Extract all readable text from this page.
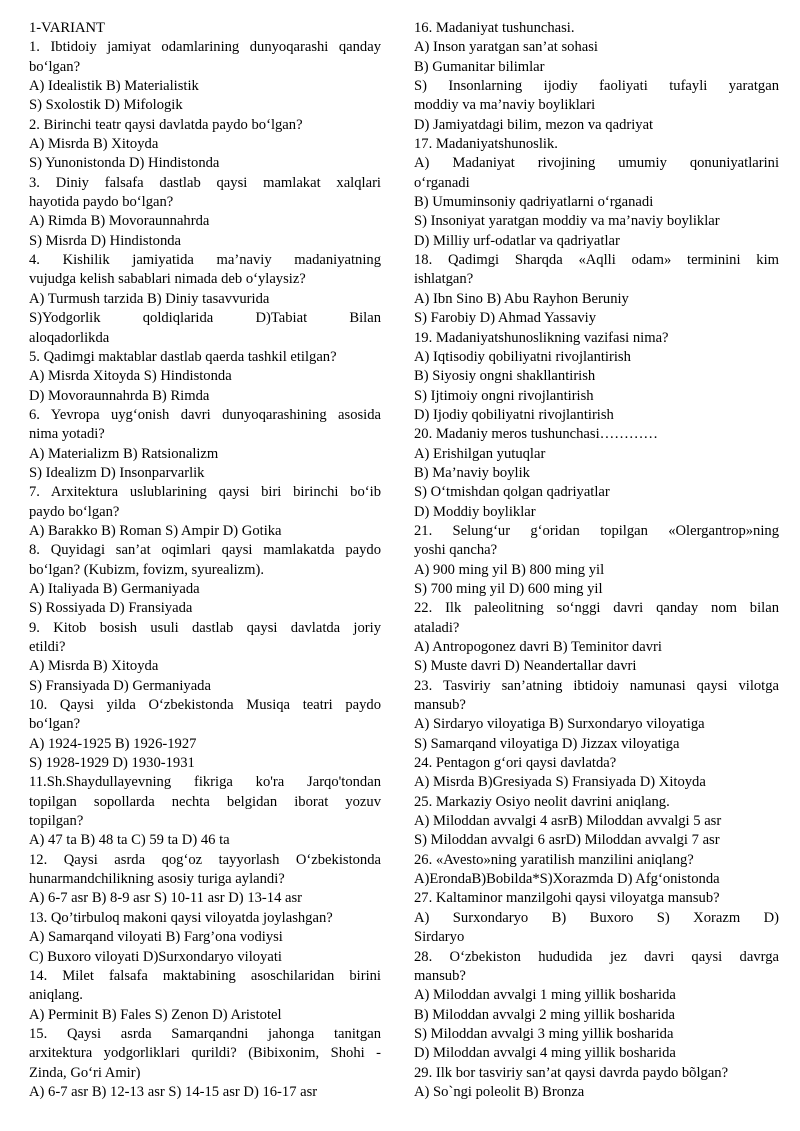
1-VARIANT
1. Ibtidoiy jamiyat odamlarining dunyoqarashi qanday
bo‘lgan?
A) Idealistik B) Materialistik
S) Sxolostik D) Mifologik
2. Birinchi teatr qaysi davlatda paydo bo‘lgan?
A) Misrda B) Xitoyda
S) Yunonistonda D) Hindistonda
3. Diniy falsafa dastlab qaysi mamlakat xalqlari
hayotida paydo bo‘lgan?
A) Rimda B) Movoraunnahrda
S) Misrda D) Hindistonda
4. Kishilik jamiyatida ma’naviy madaniyatning
vujudga kelish sabablari nimada deb o‘ylaysiz?
A) Turmush tarzida B) Diniy tasavvurida
S)Yodgorlik qoldiqlarida D)Tabiat Bilan
aloqadorlikda
5. Qadimgi maktablar dastlab qaerda tashkil etilgan?
A) Misrda Xitoyda S) Hindistonda
D) Movoraunnahrda B) Rimda
6. Yevropa uyg‘onish davri dunyoqarashining asosida
nima yotadi?
A) Materializm B) Ratsionalizm
S) Idealizm D) Insonparvarlik
7. Arxitektura uslublarining qaysi biri birinchi bo‘ib
paydo bo‘lgan?
A) Barakko B) Roman S) Ampir D) Gotika
8. Quyidagi san’at oqimlari qaysi mamlakatda paydo
bo‘lgan? (Kubizm, fovizm, syurealizm).
A) Italiyada B) Germaniyada
S) Rossiyada D) Fransiyada
9. Kitob bosish usuli dastlab qaysi davlatda joriy
etildi?
A) Misrda B) Xitoyda
S) Fransiyada D) Germaniyada
10. Qaysi yilda O‘zbekistonda Musiqa teatri paydo
bo‘lgan?
A) 1924-1925 B) 1926-1927
S) 1928-1929 D) 1930-1931
11.Sh.Shaydullayevning fikriga ko'ra Jarqo'tondan
topilgan sopollarda nechta belgidan iborat yozuv
topilgan?
A) 47 ta B) 48 ta C) 59 ta D) 46 ta
12. Qaysi asrda qog‘oz tayyorlash O‘zbekistonda
hunarmandchilikning asosiy turiga aylandi?
A) 6-7 asr B) 8-9 asr S) 10-11 asr D) 13-14 asr
13. Qo’tirbuloq makoni qaysi viloyatda joylashgan?
A) Samarqand viloyati B) Farg’ona vodiysi
C) Buxoro viloyati D)Surxondaryo viloyati
14. Milet falsafa maktabining asoschilaridan birini
aniqlang.
A) Perminit B) Fales S) Zenon D) Aristotel
15. Qaysi asrda Samarqandni jahonga tanitgan
arxitektura yodgorliklari qurildi? (Bibixonim, Shohi -
Zinda, Go‘ri Amir)
A) 6-7 asr B) 12-13 asr S) 14-15 asr D) 16-17 asr
16. Madaniyat tushunchasi.
A) Inson yaratgan san’at sohasi
B) Gumanitar bilimlar
S) Insonlarning ijodiy faoliyati tufayli yaratgan
moddiy va ma’naviy boyliklari
D) Jamiyatdagi bilim, mezon va qadriyat
17. Madaniyatshunoslik.
A) Madaniyat rivojining umumiy qonuniyatlarini
o‘rganadi
B) Umuminsoniy qadriyatlarni o‘rganadi
S) Insoniyat yaratgan moddiy va ma’naviy boyliklar
D) Milliy urf-odatlar va qadriyatlar
18. Qadimgi Sharqda «Aqlli odam» terminini kim
ishlatgan?
A) Ibn Sino B) Abu Rayhon Beruniy
S) Farobiy D) Ahmad Yassaviy
19. Madaniyatshunoslikning vazifasi nima?
A) Iqtisodiy qobiliyatni rivojlantirish
B) Siyosiy ongni shakllantirish
S) Ijtimoiy ongni rivojlantirish
D) Ijodiy qobiliyatni rivojlantirish
20. Madaniy meros tushunchasi…………
A) Erishilgan yutuqlar
B) Ma’naviy boylik
S) O‘tmishdan qolgan qadriyatlar
D) Moddiy boyliklar
21. Selung‘ur g‘oridan topilgan «Olergantrop»ning
yoshi qancha?
A) 900 ming yil B) 800 ming yil
S) 700 ming yil D) 600 ming yil
22. Ilk paleolitning so‘nggi davri qanday nom bilan
ataladi?
A) Antropogonez davri B) Teminitor davri
S) Muste davri D) Neandertallar davri
23. Tasviriy san’atning ibtidoiy namunasi qaysi vilotga
mansub?
A) Sirdaryo viloyatiga B) Surxondaryo viloyatiga
S) Samarqand viloyatiga D) Jizzax viloyatiga
24. Pentagon g‘ori qaysi davlatda?
A) Misrda B)Gresiyada S) Fransiyada D) Xitoyda
25. Markaziy Osiyo neolit davrini aniqlang.
A) Miloddan avvalgi 4 asrB) Miloddan avvalgi 5 asr
S) Miloddan avvalgi 6 asrD) Miloddan avvalgi 7 asr
26. «Avesto»ning yaratilish manzilini aniqlang?
A)ErondaB)Bobilda*S)Xorazmda D) Afg‘onistonda
27. Kaltaminor manzilgohi qaysi viloyatga mansub?
A) Surxondaryo B) Buxoro S) Xorazm D)
Sirdaryo
28. O‘zbekiston hududida jez davri qaysi davrga
mansub?
A) Miloddan avvalgi 1 ming yillik bosharida
B) Miloddan avvalgi 2 ming yillik bosharida
S) Miloddan avvalgi 3 ming yillik bosharida
D) Miloddan avvalgi 4 ming yillik bosharida
29. Ilk bor tasviriy san’at qaysi davrda paydo bõlgan?
A) So`ngi poleolit B) Bronza
